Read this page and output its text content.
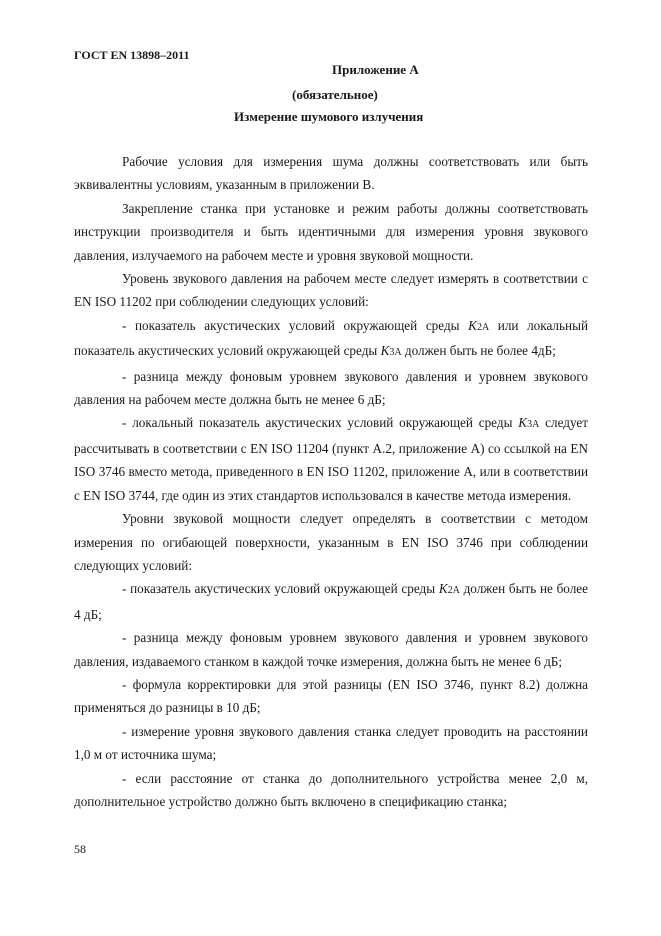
ГОСТ EN 13898–2011
Приложение А
(обязательное)
Измерение шумового излучения

Рабочие условия для измерения шума должны соответствовать или быть эквивалентны условиям, указанным в приложении В.

Закрепление станка при установке и режим работы должны соответствовать инструкции производителя и быть идентичными для измерения уровня звукового давления, излучаемого на рабочем месте и уровня звуковой мощности.

Уровень звукового давления на рабочем месте следует измерять в соответствии с EN ISO 11202 при соблюдении следующих условий:

- показатель акустических условий окружающей среды K2А или локальный показатель акустических условий окружающей среды K3А должен быть не более 4дБ;

- разница между фоновым уровнем звукового давления и уровнем звукового давления на рабочем месте должна быть не менее 6 дБ;

- локальный показатель акустических условий окружающей среды K3А следует рассчитывать в соответствии с EN ISO 11204 (пункт А.2, приложение А) со ссылкой на EN ISO 3746 вместо метода, приведенного в EN ISO 11202, приложение А, или в соответствии с EN ISO 3744, где один из этих стандартов использовался в качестве метода измерения.

Уровни звуковой мощности следует определять в соответствии с методом измерения по огибающей поверхности, указанным в EN ISO 3746 при соблюдении следующих условий:

- показатель акустических условий окружающей среды K2А должен быть не более 4 дБ;

- разница между фоновым уровнем звукового давления и уровнем звукового давления, издаваемого станком в каждой точке измерения, должна быть не менее 6 дБ;

- формула корректировки для этой разницы (EN ISO 3746, пункт 8.2) должна применяться до разницы в 10 дБ;

- измерение уровня звукового давления станка следует проводить на расстоянии 1,0 м от источника шума;

- если расстояние от станка до дополнительного устройства менее 2,0 м, дополнительное устройство должно быть включено в спецификацию станка;

58
